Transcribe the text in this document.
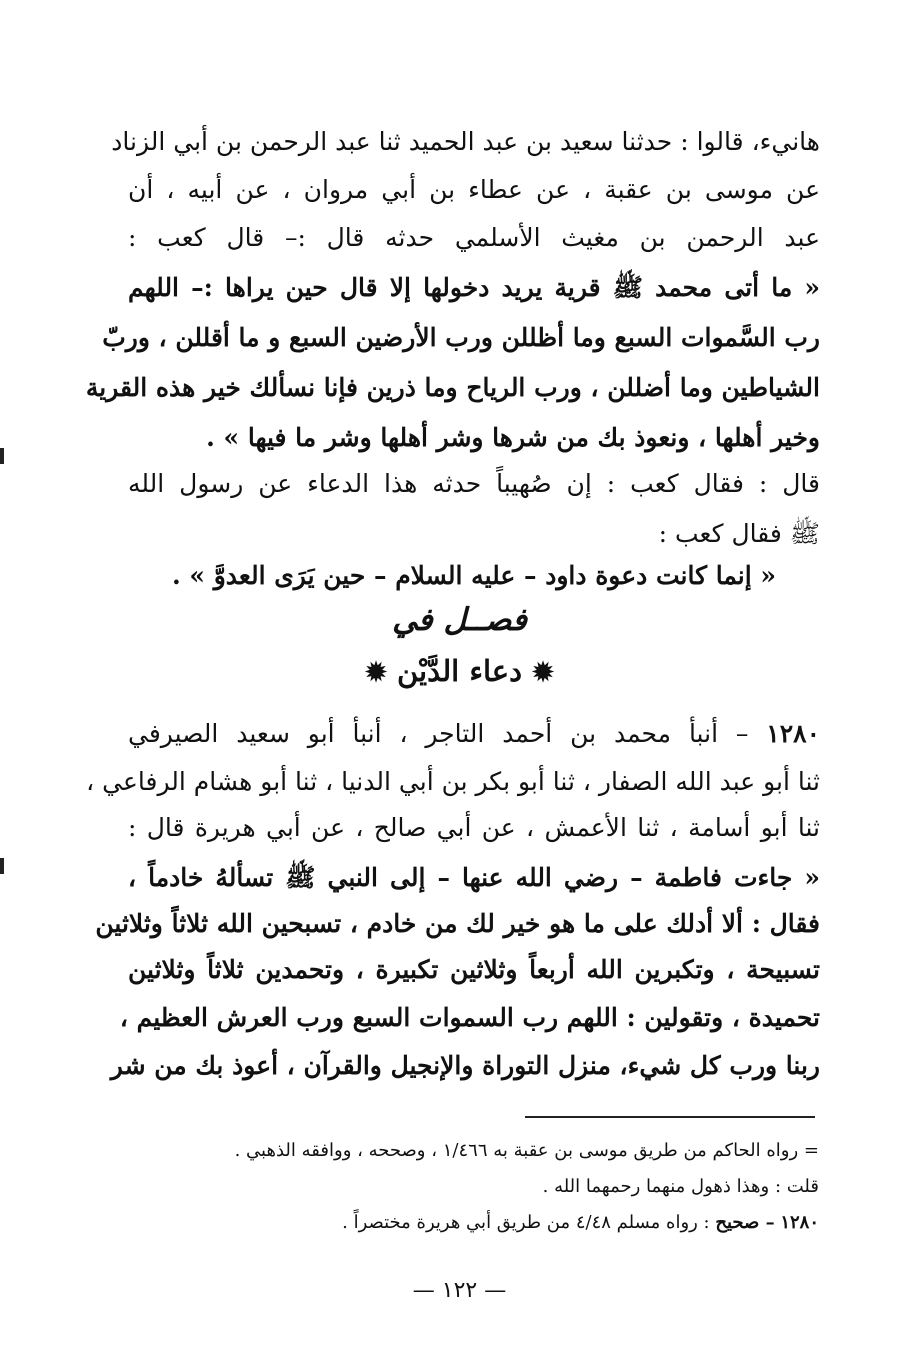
هانيء، قالوا : حدثنا سعيد بن عبد الحميد ثنا عبد الرحمن بن أبي الزناد
عن موسى بن عقبة ، عن عطاء بن أبي مروان ، عن أبيه ، أن
عبد الرحمن بن مغيث الأسلمي حدثه قال :– قال كعب :
« ما أتى محمد ﷺ قرية يريد دخولها إلا قال حين يراها :– اللهم
رب السَّموات السبع وما أظللن ورب الأرضين السبع و ما أقللن ، وربّ
الشياطين وما أضللن ، ورب الرياح وما ذرين فإنا نسألك خير هذه القرية
وخير أهلها ، ونعوذ بك من شرها وشر أهلها وشر ما فيها » .
قال : فقال كعب : إن صُهيباً حدثه هذا الدعاء عن رسول الله
ﷺ فقال كعب :
« إنما كانت دعوة داود – عليه السلام – حين يَرَى العدوَّ » .
فصــل في
✹ دعاء الدَّيْن ✹
١٢٨٠ – أنبأ محمد بن أحمد التاجر ، أنبأ أبو سعيد الصيرفي
ثنا أبو عبد الله الصفار ، ثنا أبو بكر بن أبي الدنيا ، ثنا أبو هشام الرفاعي ،
ثنا أبو أسامة ، ثنا الأعمش ، عن أبي صالح ، عن أبي هريرة قال :
« جاءت فاطمة – رضي الله عنها – إلى النبي ﷺ تسألهُ خادماً ،
فقال : ألا أدلك على ما هو خير لك من خادم ، تسبحين الله ثلاثاً وثلاثين
تسبيحة ، وتكبرين الله أربعاً وثلاثين تكبيرة ، وتحمدين ثلاثاً وثلاثين
تحميدة ، وتقولين : اللهم رب السموات السبع ورب العرش العظيم ،
ربنا ورب كل شيء، منزل التوراة والإنجيل والقرآن ، أعوذ بك من شر
= رواه الحاكم من طريق موسى بن عقبة به ١/٤٦٦ ، وصححه ، ووافقه الذهبي .
قلت : وهذا ذهول منهما رحمهما الله .
١٢٨٠ – صحيح : رواه مسلم ٤/٤٨ من طريق أبي هريرة مختصراً .
— ١٢٢ —
